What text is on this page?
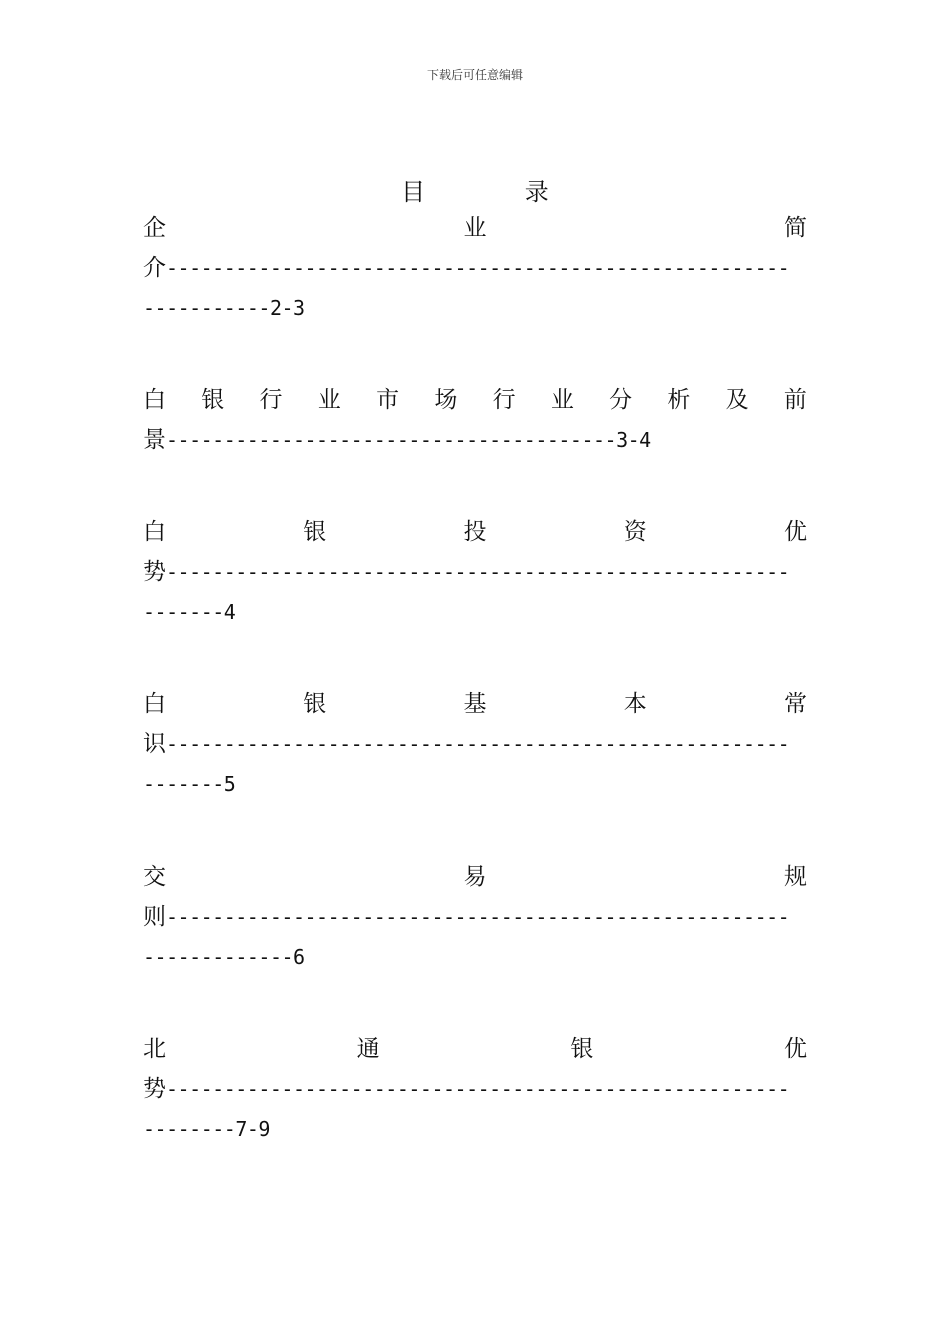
下载后可任意编辑
目 录
企	业	简
介------------------------------------------------------
-----------2-3
白 银 行 业 市 场 行 业 分 析 及 前
景---------------------------------------3-4
白	银	投	资	优
势------------------------------------------------------
-------4
白	银	基	本	常
识------------------------------------------------------
-------5
交	易	规
则------------------------------------------------------
-------------6
北	通	银	优
势------------------------------------------------------
--------7-9
